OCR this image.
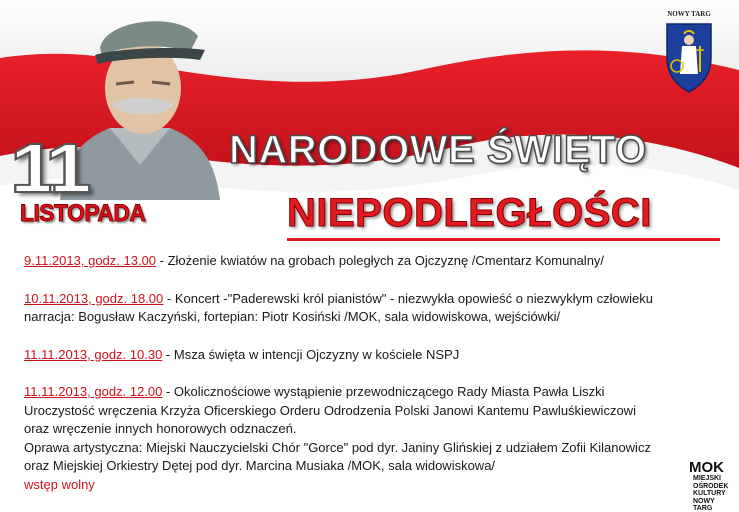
11
LISTOPADA
NARODOWE ŚWIĘTO
NIEPODLEGŁOŚCI
NOWY TARG

9.11.2013, godz. 13.00 - Złożenie kwiatów na grobach poległych za Ojczyznę /Cmentarz Komunalny/

10.11.2013, godz. 18.00 - Koncert -"Paderewski król pianistów" - niezwykła opowieść o niezwykłym człowieku

narracja: Bogusław Kaczyński, fortepian: Piotr Kosiński /MOK, sala widowiskowa, wejściówki/

11.11.2013, godz. 10.30 - Msza święta w intencji Ojczyzny w kościele NSPJ

11.11.2013, godz. 12.00 - Okolicznościowe wystąpienie przewodniczącego Rady Miasta Pawła Liszki

Uroczystość wręczenia Krzyża Oficerskiego Orderu Odrodzenia Polski Janowi Kantemu Pawluśkiewiczowi

oraz wręczenie innych honorowych odznaczeń.

Oprawa artystyczna: Miejski Nauczycielski Chór "Gorce" pod dyr. Janiny Glińskiej z udziałem Zofii Kilanowicz

oraz Miejskiej Orkiestry Dętej pod dyr. Marcina Musiaka /MOK, sala widowiskowa/

wstęp wolny

MOK
MIEJSKI
OŚRODEK
KULTURY
NOWY TARG
